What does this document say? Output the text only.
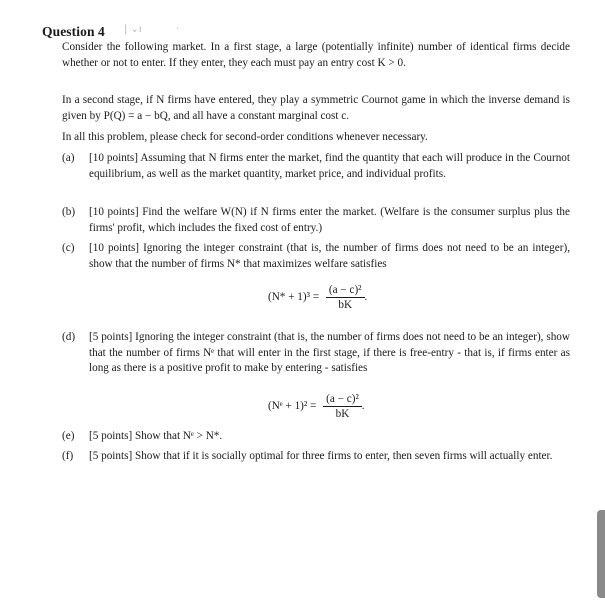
Question 4 | ⌄ı	·
Consider the following market. In a first stage, a large (potentially infinite) number of identical firms decide whether or not to enter. If they enter, they each must pay an entry cost K > 0.
In a second stage, if N firms have entered, they play a symmetric Cournot game in which the inverse demand is given by P(Q) = a − bQ, and all have a constant marginal cost c.
In all this problem, please check for second-order conditions whenever necessary.
(a) [10 points] Assuming that N firms enter the market, find the quantity that each will produce in the Cournot equilibrium, as well as the market quantity, market price, and individual profits.
(b) [10 points] Find the welfare W(N) if N firms enter the market. (Welfare is the consumer surplus plus the firms' profit, which includes the fixed cost of entry.)
(c) [10 points] Ignoring the integer constraint (that is, the number of firms does not need to be an integer), show that the number of firms N* that maximizes welfare satisfies
$(N* + 1)^3 = \frac{\text{(a − c)²}}{bK}$ .
(d) [5 points] Ignoring the integer constraint (that is, the number of firms does not need to be an integer), show that the number of firms Nᵉ that will enter in the first stage, if there is free-entry - that is, if firms enter as long as there is a positive profit to make by entering - satisfies
(Nᵉ + $1)^2 = \frac{\text{(a − c)²}}{bK}$ .
(e) [5 points] Show that Nᵉ > N*.
(f) [5 points] Show that if it is socially optimal for three firms to enter, then seven firms will actually enter.
